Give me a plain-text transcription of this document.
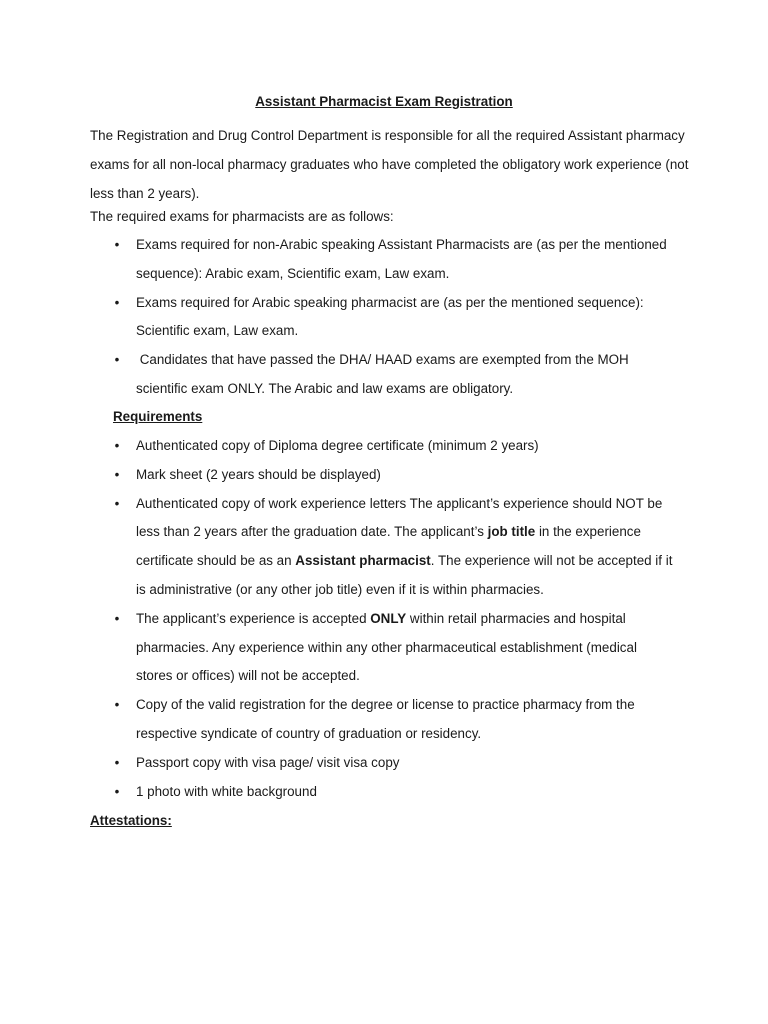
Assistant Pharmacist Exam Registration

The Registration and Drug Control Department is responsible for all the required Assistant pharmacy exams for all non-local pharmacy graduates who have completed the obligatory work experience (not less than 2 years).

The required exams for pharmacists are as follows:
• Exams required for non-Arabic speaking Assistant Pharmacists are (as per the mentioned sequence): Arabic exam, Scientific exam, Law exam.
• Exams required for Arabic speaking pharmacist are (as per the mentioned sequence): Scientific exam, Law exam.
• Candidates that have passed the DHA/ HAAD exams are exempted from the MOH scientific exam ONLY. The Arabic and law exams are obligatory.
Requirements
• Authenticated copy of Diploma degree certificate (minimum 2 years)
• Mark sheet (2 years should be displayed)
• Authenticated copy of work experience letters The applicant’s experience should NOT be less than 2 years after the graduation date. The applicant’s job title in the experience certificate should be as an Assistant pharmacist. The experience will not be accepted if it is administrative (or any other job title) even if it is within pharmacies.
• The applicant’s experience is accepted ONLY within retail pharmacies and hospital pharmacies. Any experience within any other pharmaceutical establishment (medical stores or offices) will not be accepted.
• Copy of the valid registration for the degree or license to practice pharmacy from the respective syndicate of country of graduation or residency.
• Passport copy with visa page/ visit visa copy
• 1 photo with white background
Attestations:
